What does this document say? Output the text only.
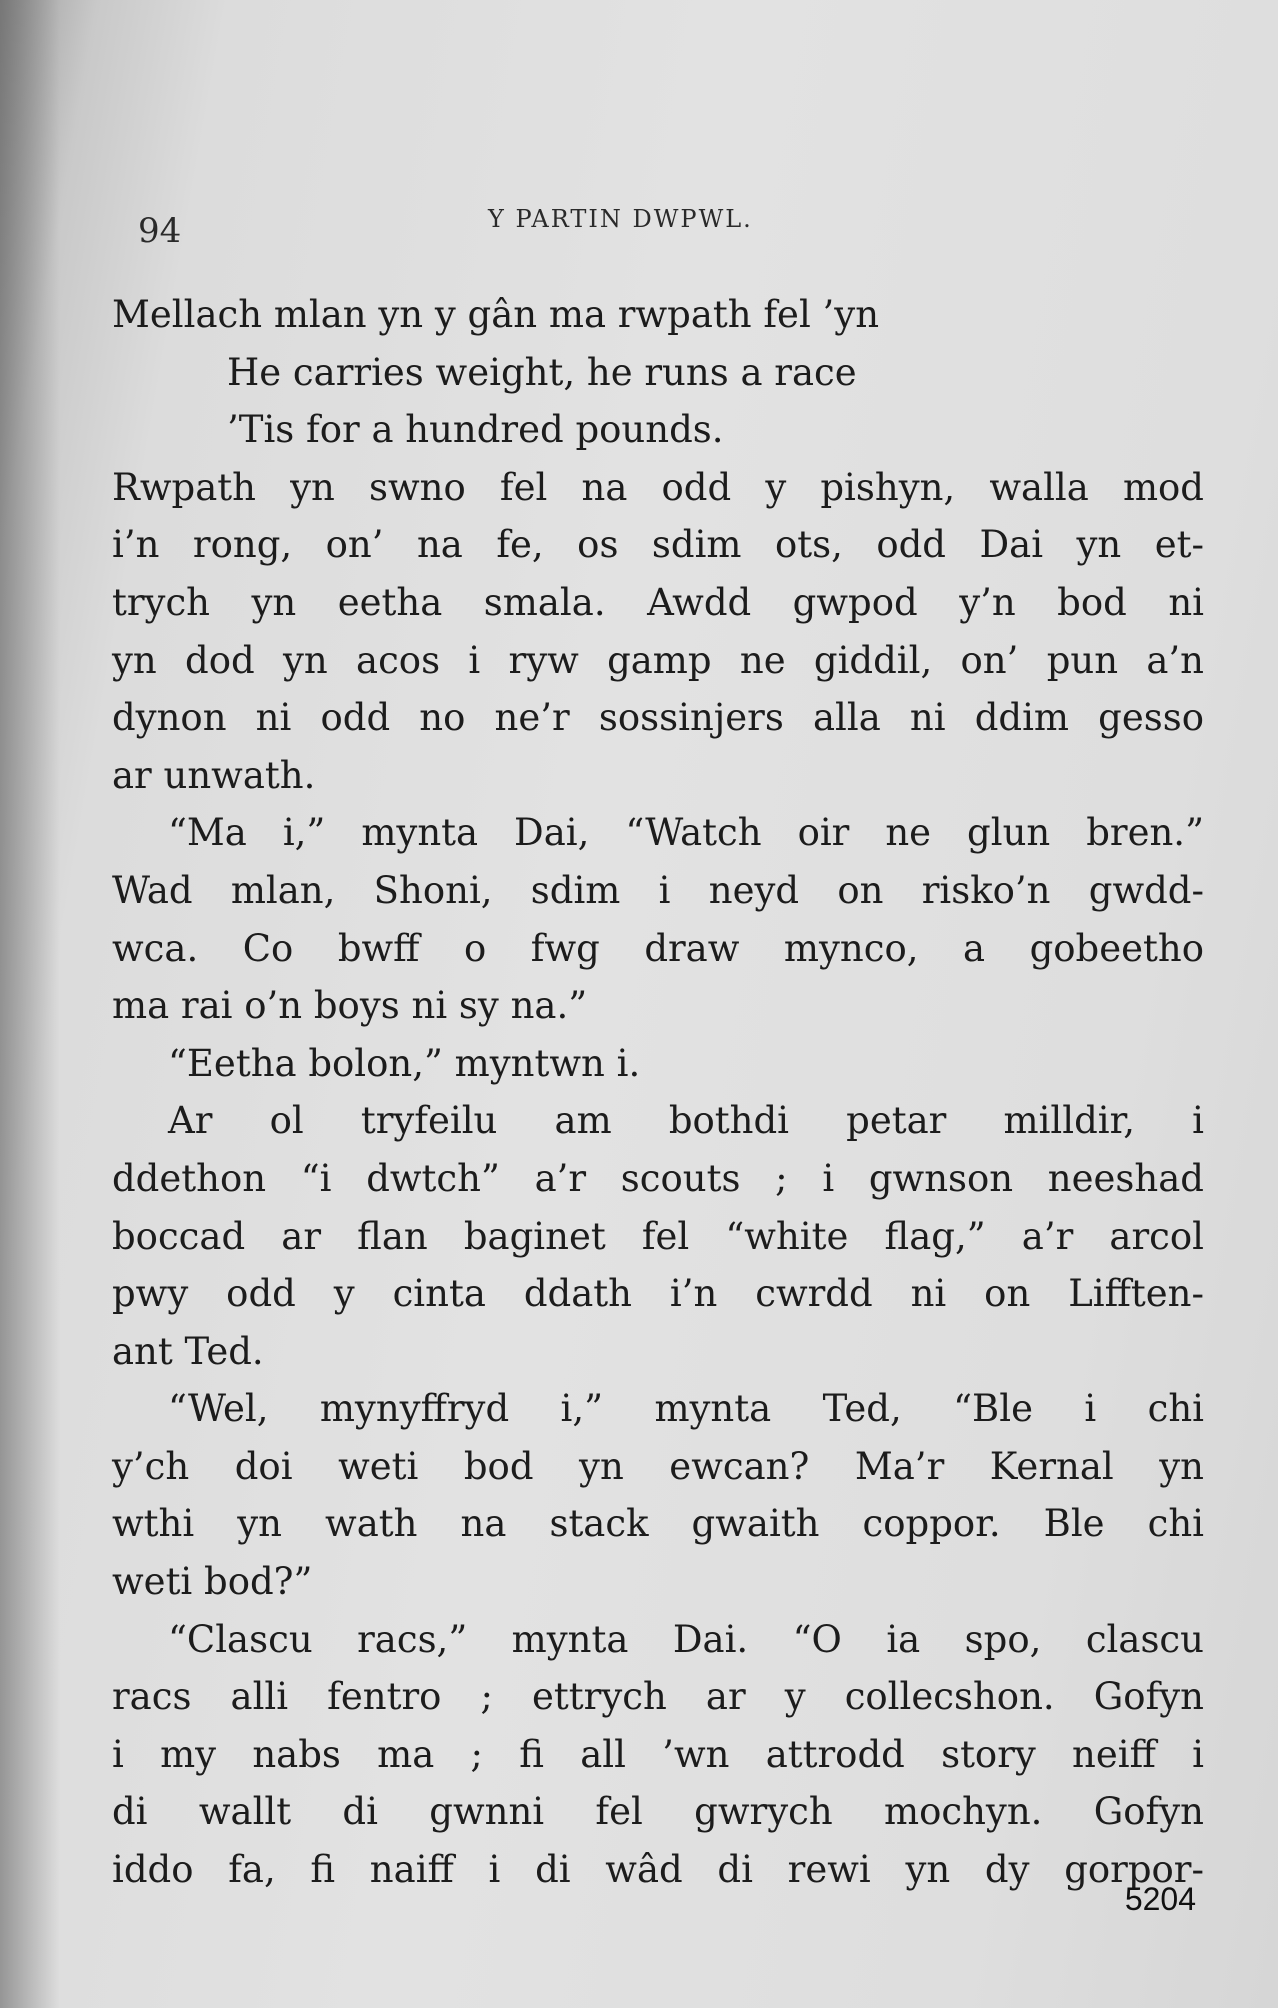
94	Y PARTIN DWPWL.
Mellach mlan yn y gân ma rwpath fel ’yn
He carries weight, he runs a race
’Tis for a hundred pounds.
Rwpath yn swno fel na odd y pishyn, walla mod
i’n rong, on’ na fe, os sdim ots, odd Dai yn et-
trych yn eetha smala. Awdd gwpod y’n bod ni
yn dod yn acos i ryw gamp ne giddil, on’ pun a’n
dynon ni odd no ne’r sossinjers alla ni ddim gesso
ar unwath.
“Ma i,” mynta Dai, “Watch oir ne glun bren.”
Wad mlan, Shoni, sdim i neyd on risko’n gwdd-
wca. Co bwff o fwg draw mynco, a gobeetho
ma rai o’n boys ni sy na.”
“Eetha bolon,” myntwn i.
Ar ol tryfeilu am bothdi petar milldir, i
ddethon “i dwtch” a’r scouts ; i gwnson neeshad
boccad ar flan baginet fel “white flag,” a’r arcol
pwy odd y cinta ddath i’n cwrdd ni on Lifften-
ant Ted.
“Wel, mynyffryd i,” mynta Ted, “Ble i chi
y’ch doi weti bod yn ewcan? Ma’r Kernal yn
wthi yn wath na stack gwaith coppor. Ble chi
weti bod?”
“Clascu racs,” mynta Dai. “O ia spo, clascu
racs alli fentro ; ettrych ar y collecshon. Gofyn
i my nabs ma ; fi all ’wn attrodd story neiff i
di wallt di gwnni fel gwrych mochyn. Gofyn
iddo fa, fi naiff i di wâd di rewi yn dy gorpor-
5204
